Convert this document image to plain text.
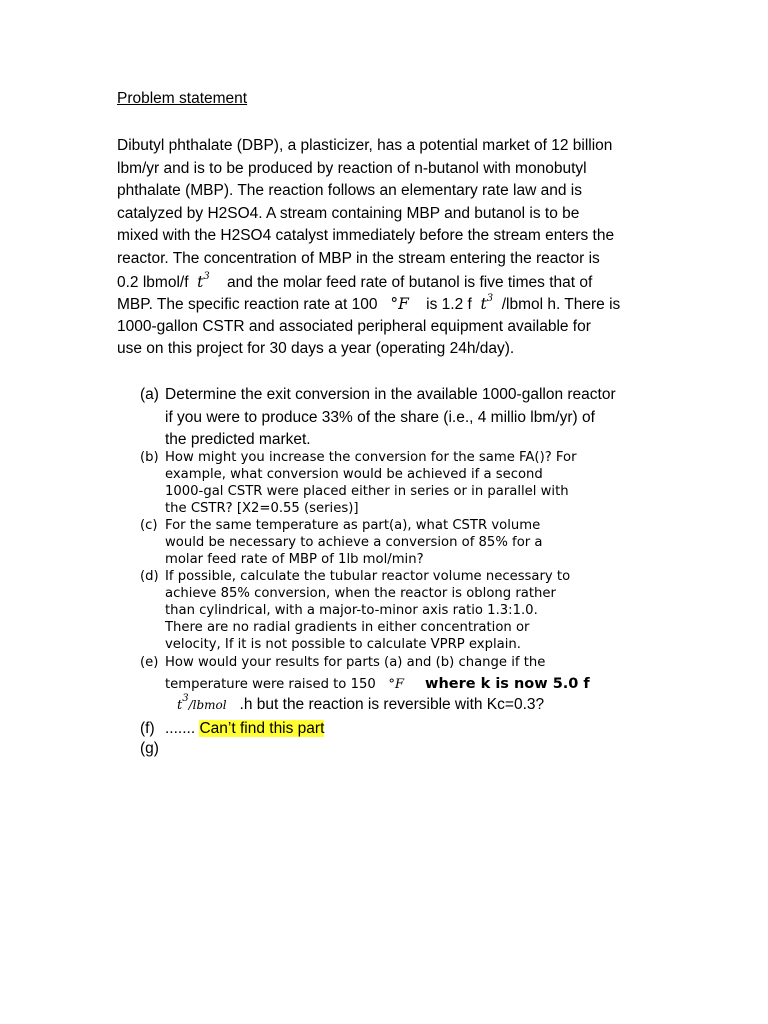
Problem statement
Dibutyl phthalate (DBP), a plasticizer, has a potential market of 12 billion
lbm/yr and is to be produced by reaction of n-butanol with monobutyl
phthalate (MBP). The reaction follows an elementary rate law and is
catalyzed by H2SO4. A stream containing MBP and butanol is to be
mixed with the H2SO4 catalyst immediately before the stream enters the
reactor. The concentration of MBP in the stream entering the reactor is
0.2 lbmol/f $t^3$ and the molar feed rate of butanol is five times that of
MBP. The specific reaction rate at 100 °F is 1.2 f $t^3$ /lbmol h. There is
1000-gallon CSTR and associated peripheral equipment available for
use on this project for 30 days a year (operating 24h/day).
(a) Determine the exit conversion in the available 1000-gallon reactor
if you were to produce 33% of the share (i.e., 4 millio lbm/yr) of
the predicted market.
(b) How might you increase the conversion for the same FA()? For
example, what conversion would be achieved if a second
1000-gal CSTR were placed either in series or in parallel with
the CSTR? [X2=0.55 (series)]
(c) For the same temperature as part(a), what CSTR volume
would be necessary to achieve a conversion of 85% for a
molar feed rate of MBP of 1lb mol/min?
(d) If possible, calculate the tubular reactor volume necessary to
achieve 85% conversion, when the reactor is oblong rather
than cylindrical, with a major-to-minor axis ratio 1.3:1.0.
There are no radial gradients in either concentration or
velocity, If it is not possible to calculate VPRP explain.
(e) How would your results for parts (a) and (b) change if the
temperature were raised to 150 °F where k is now 5.0 f
$t^3$/lbmol .h but the reaction is reversible with Kc=0.3?
(f) ....... Can’t find this part
(g)
